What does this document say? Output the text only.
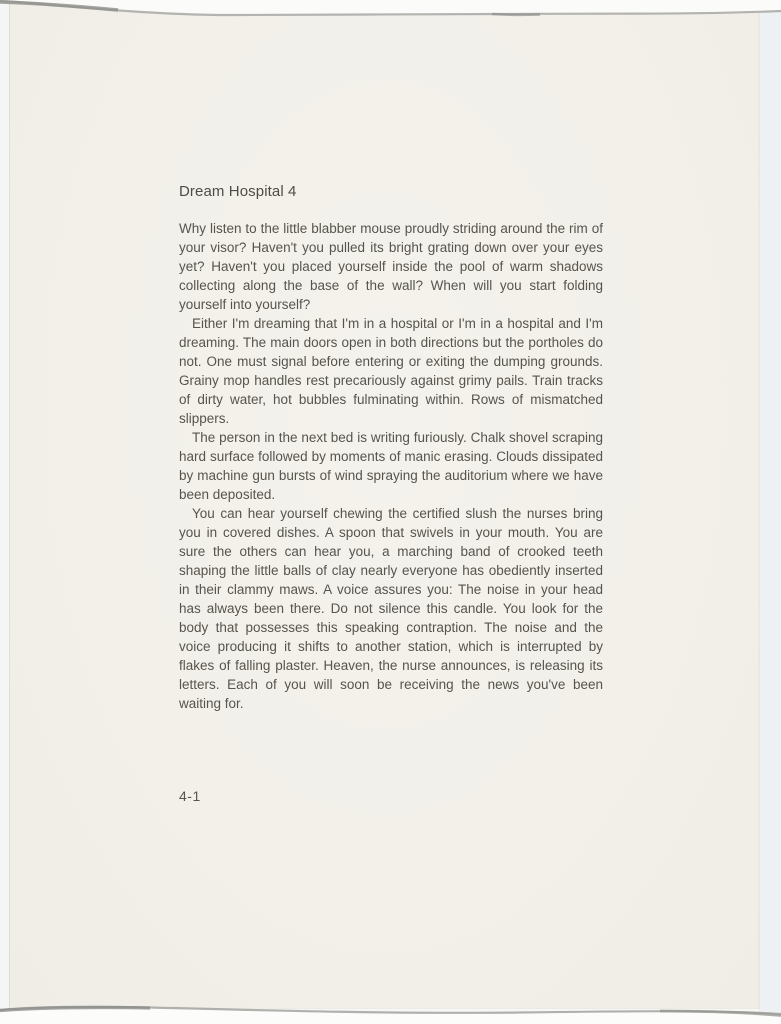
Dream Hospital 4

Why listen to the little blabber mouse proudly striding around the rim of your visor? Haven't you pulled its bright grating down over your eyes yet? Haven't you placed yourself inside the pool of warm shadows collecting along the base of the wall? When will you start folding yourself into yourself?

Either I'm dreaming that I'm in a hospital or I'm in a hospital and I'm dreaming. The main doors open in both directions but the portholes do not. One must signal before entering or exiting the dumping grounds. Grainy mop handles rest precariously against grimy pails. Train tracks of dirty water, hot bubbles fulminating within. Rows of mismatched slippers.

The person in the next bed is writing furiously. Chalk shovel scraping hard surface followed by moments of manic erasing. Clouds dissipated by machine gun bursts of wind spraying the auditorium where we have been deposited.

You can hear yourself chewing the certified slush the nurses bring you in covered dishes. A spoon that swivels in your mouth. You are sure the others can hear you, a marching band of crooked teeth shaping the little balls of clay nearly everyone has obediently inserted in their clammy maws. A voice assures you: The noise in your head has always been there. Do not silence this candle. You look for the body that possesses this speaking contraption. The noise and the voice producing it shifts to another station, which is interrupted by flakes of falling plaster. Heaven, the nurse announces, is releasing its letters. Each of you will soon be receiving the news you've been waiting for.

4-1
